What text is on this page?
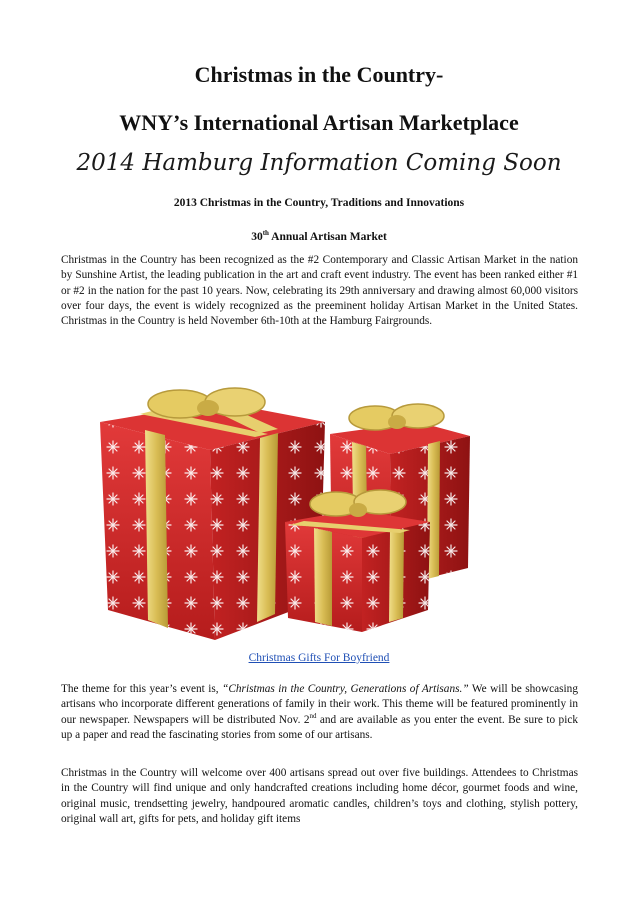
Christmas in the Country-
WNY’s International Artisan Marketplace
2014 Hamburg Information Coming Soon
2013 Christmas in the Country, Traditions and Innovations
30th Annual Artisan Market

Christmas in the Country has been recognized as the #2 Contemporary and Classic Artisan Market in the nation by Sunshine Artist, the leading publication in the art and craft event industry. The event has been ranked either #1 or #2 in the nation for the past 10 years. Now, celebrating its 29th anniversary and drawing almost 60,000 visitors over four days, the event is widely recognized as the preeminent holiday Artisan Market in the United States. Christmas in the Country is held November 6th-10th at the Hamburg Fairgrounds.

Christmas Gifts For Boyfriend

The theme for this year’s event is, “Christmas in the Country, Generations of Artisans.” We will be showcasing artisans who incorporate different generations of family in their work. This theme will be featured prominently in our newspaper. Newspapers will be distributed Nov. 2nd and are available as you enter the event. Be sure to pick up a paper and read the fascinating stories from some of our artisans.

Christmas in the Country will welcome over 400 artisans spread out over five buildings. Attendees to Christmas in the Country will find unique and only handcrafted creations including home décor, gourmet foods and wine, original music, trendsetting jewelry, handpoured aromatic candles, children’s toys and clothing, stylish pottery, original wall art, gifts for pets, and holiday gift items
